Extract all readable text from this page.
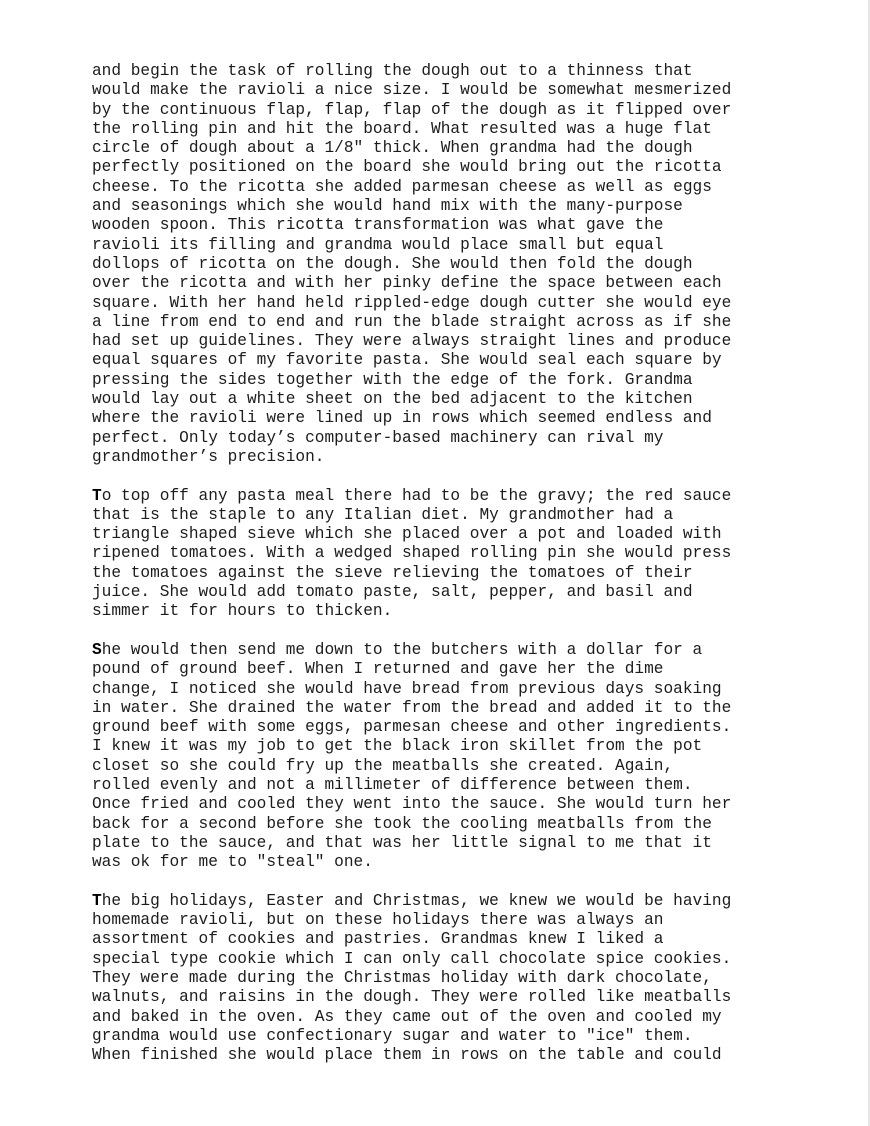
and begin the task of rolling the dough out to a thinness that
would make the ravioli a nice size. I would be somewhat mesmerized
by the continuous flap, flap, flap of the dough as it flipped over
the rolling pin and hit the board. What resulted was a huge flat
circle of dough about a 1/8" thick. When grandma had the dough
perfectly positioned on the board she would bring out the ricotta
cheese. To the ricotta she added parmesan cheese as well as eggs
and seasonings which she would hand mix with the many-purpose
wooden spoon. This ricotta transformation was what gave the
ravioli its filling and grandma would place small but equal
dollops of ricotta on the dough. She would then fold the dough
over the ricotta and with her pinky define the space between each
square. With her hand held rippled-edge dough cutter she would eye
a line from end to end and run the blade straight across as if she
had set up guidelines. They were always straight lines and produce
equal squares of my favorite pasta. She would seal each square by
pressing the sides together with the edge of the fork. Grandma
would lay out a white sheet on the bed adjacent to the kitchen
where the ravioli were lined up in rows which seemed endless and
perfect. Only today’s computer-based machinery can rival my
grandmother’s precision.
To top off any pasta meal there had to be the gravy; the red sauce
that is the staple to any Italian diet. My grandmother had a
triangle shaped sieve which she placed over a pot and loaded with
ripened tomatoes. With a wedged shaped rolling pin she would press
the tomatoes against the sieve relieving the tomatoes of their
juice. She would add tomato paste, salt, pepper, and basil and
simmer it for hours to thicken.
She would then send me down to the butchers with a dollar for a
pound of ground beef. When I returned and gave her the dime
change, I noticed she would have bread from previous days soaking
in water. She drained the water from the bread and added it to the
ground beef with some eggs, parmesan cheese and other ingredients.
I knew it was my job to get the black iron skillet from the pot
closet so she could fry up the meatballs she created. Again,
rolled evenly and not a millimeter of difference between them.
Once fried and cooled they went into the sauce. She would turn her
back for a second before she took the cooling meatballs from the
plate to the sauce, and that was her little signal to me that it
was ok for me to "steal" one.
The big holidays, Easter and Christmas, we knew we would be having
homemade ravioli, but on these holidays there was always an
assortment of cookies and pastries. Grandmas knew I liked a
special type cookie which I can only call chocolate spice cookies.
They were made during the Christmas holiday with dark chocolate,
walnuts, and raisins in the dough. They were rolled like meatballs
and baked in the oven. As they came out of the oven and cooled my
grandma would use confectionary sugar and water to "ice" them.
When finished she would place them in rows on the table and could
